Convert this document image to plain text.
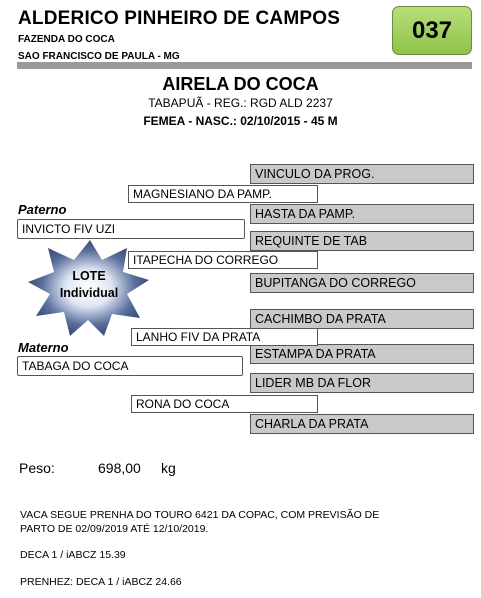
ALDERICO PINHEIRO DE CAMPOS
FAZENDA DO COCA
SAO FRANCISCO DE PAULA - MG
037
AIRELA DO COCA
TABAPUÃ - REG.: RGD ALD 2237
FEMEA - NASC.: 02/10/2015 - 45 M
VINCULO DA PROG.
HASTA DA PAMP.
REQUINTE DE TAB
BUPITANGA DO CORREGO
CACHIMBO DA PRATA
ESTAMPA DA PRATA
LIDER MB DA FLOR
CHARLA DA PRATA
MAGNESIANO DA PAMP.
ITAPECHA DO CORREGO
LANHO FIV DA PRATA
RONA DO COCA
Paterno
INVICTO FIV UZI
Materno
TABAGA DO COCA
LOTE
Individual
Peso:	698,00 kg
VACA SEGUE PRENHA DO TOURO 6421 DA COPAC, COM PREVISÃO DE
PARTO DE 02/09/2019 ATÉ 12/10/2019.
DECA 1 / iABCZ 15.39
PRENHEZ: DECA 1 / iABCZ 24.66
